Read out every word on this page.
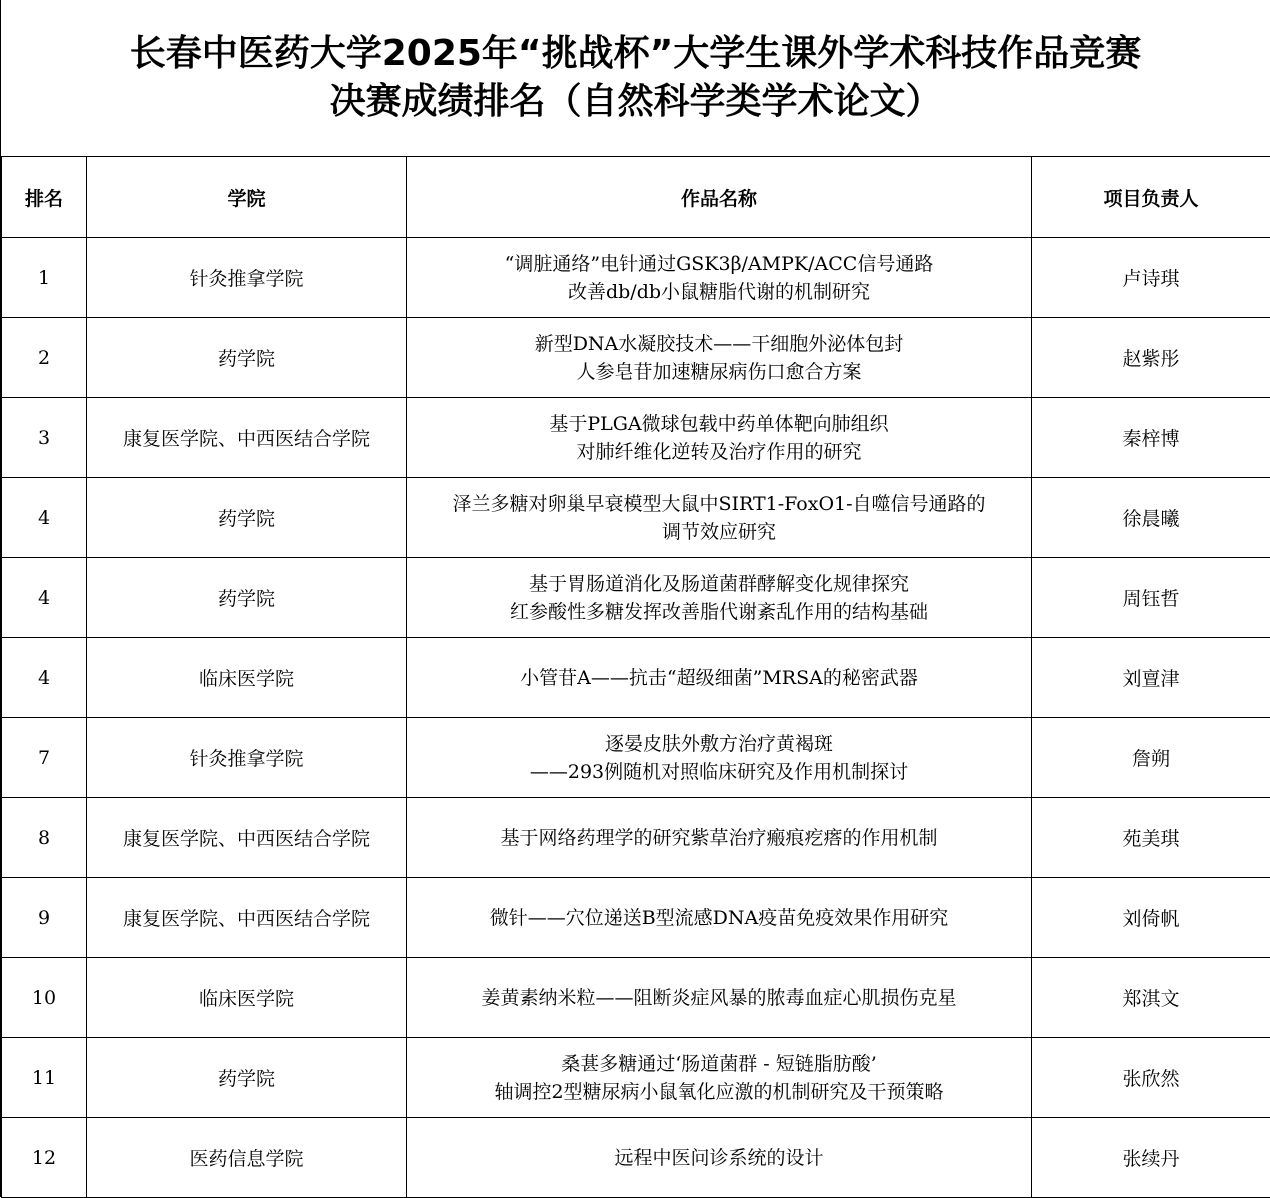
长春中医药大学2025年“挑战杯”大学生课外学术科技作品竞赛
决赛成绩排名（自然科学类学术论文）
排名	学院	作品名称	项目负责人
1	针灸推拿学院	“调脏通络”电针通过GSK3β/AMPK/ACC信号通路
改善db/db小鼠糖脂代谢的机制研究	卢诗琪
2	药学院	新型DNA水凝胶技术——干细胞外泌体包封
人参皂苷加速糖尿病伤口愈合方案	赵紫彤
3	康复医学院、中西医结合学院	基于PLGA微球包载中药单体靶向肺组织
对肺纤维化逆转及治疗作用的研究	秦梓博
4	药学院	泽兰多糖对卵巢早衰模型大鼠中SIRT1-FoxO1-自噬信号通路的
调节效应研究	徐晨曦
4	药学院	基于胃肠道消化及肠道菌群酵解变化规律探究
红参酸性多糖发挥改善脂代谢紊乱作用的结构基础	周钰哲
4	临床医学院	小管苷A——抗击“超级细菌”MRSA的秘密武器	刘亶津
7	针灸推拿学院	逐晏皮肤外敷方治疗黄褐斑
——293例随机对照临床研究及作用机制探讨	詹朔
8	康复医学院、中西医结合学院	基于网络药理学的研究紫草治疗瘢痕疙瘩的作用机制	苑美琪
9	康复医学院、中西医结合学院	微针——穴位递送B型流感DNA疫苗免疫效果作用研究	刘倚帆
10	临床医学院	姜黄素纳米粒——阻断炎症风暴的脓毒血症心肌损伤克星	郑淇文
11	药学院	桑葚多糖通过‘肠道菌群 - 短链脂肪酸’
轴调控2型糖尿病小鼠氧化应激的机制研究及干预策略	张欣然
12	医药信息学院	远程中医问诊系统的设计	张续丹
